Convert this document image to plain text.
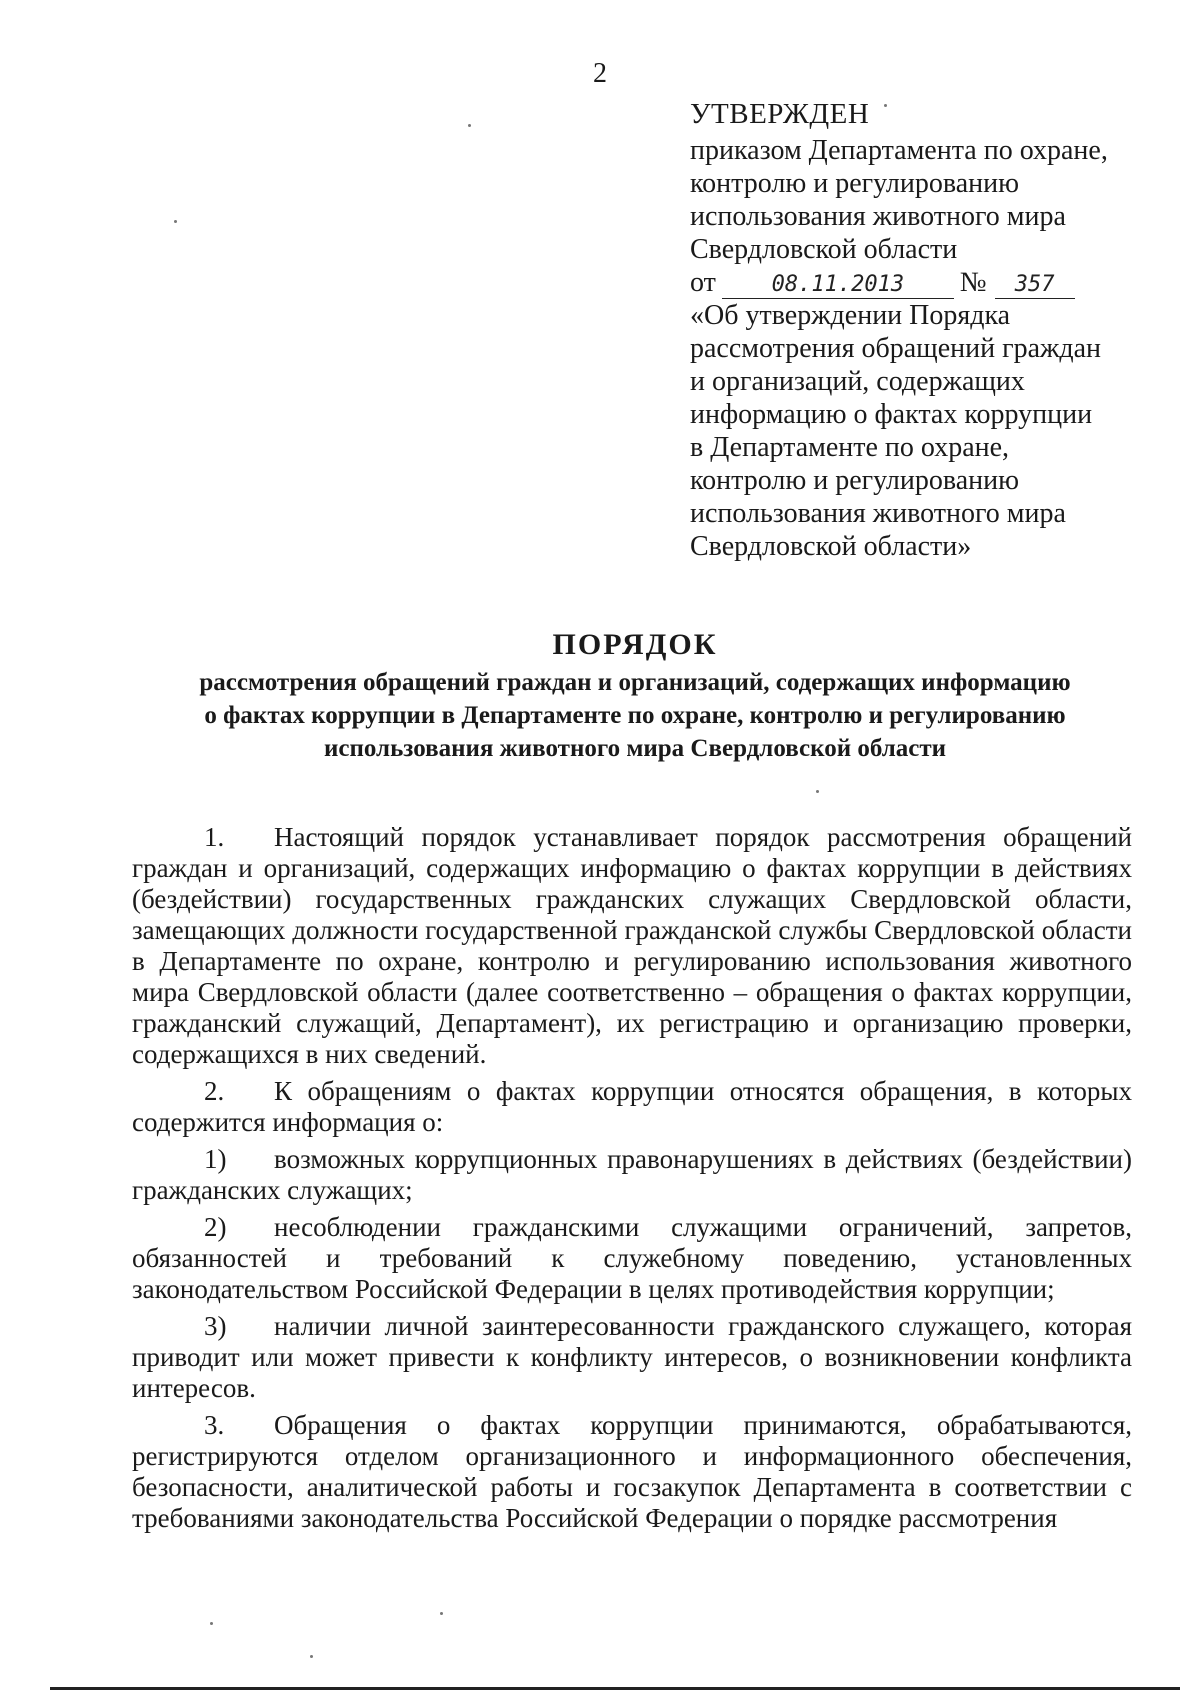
2
УТВЕРЖДЕН
приказом Департамента по охране,
контролю и регулированию
использования животного мира
Свердловской области
от	08.11.2013 № 357
«Об утверждении Порядка
рассмотрения обращений граждан
и организаций, содержащих
информацию о фактах коррупции
в Департаменте по охране,
контролю и регулированию
использования животного мира
Свердловской области»
ПОРЯДОК
рассмотрения обращений граждан и организаций, содержащих информацию
о фактах коррупции в Департаменте по охране, контролю и регулированию
использования животного мира Свердловской области

1. Настоящий порядок устанавливает порядок рассмотрения обращений граждан и организаций, содержащих информацию о фактах коррупции в действиях (бездействии) государственных гражданских служащих Свердловской области, замещающих должности государственной гражданской службы Свердловской области в Департаменте по охране, контролю и регулированию использования животного мира Свердловской области (далее соответственно – обращения о фактах коррупции, гражданский служащий, Департамент), их регистрацию и организацию проверки, содержащихся в них сведений.

2. К обращениям о фактах коррупции относятся обращения, в которых содержится информация о:

1) возможных коррупционных правонарушениях в действиях (бездействии) гражданских служащих;

2) несоблюдении гражданскими служащими ограничений, запретов, обязанностей и требований к служебному поведению, установленных законодательством Российской Федерации в целях противодействия коррупции;

3) наличии личной заинтересованности гражданского служащего, которая приводит или может привести к конфликту интересов, о возникновении конфликта интересов.

3. Обращения о фактах коррупции принимаются, обрабатываются, регистрируются отделом организационного и информационного обеспечения, безопасности, аналитической работы и госзакупок Департамента в соответствии с требованиями законодательства Российской Федерации о порядке рассмотрения
